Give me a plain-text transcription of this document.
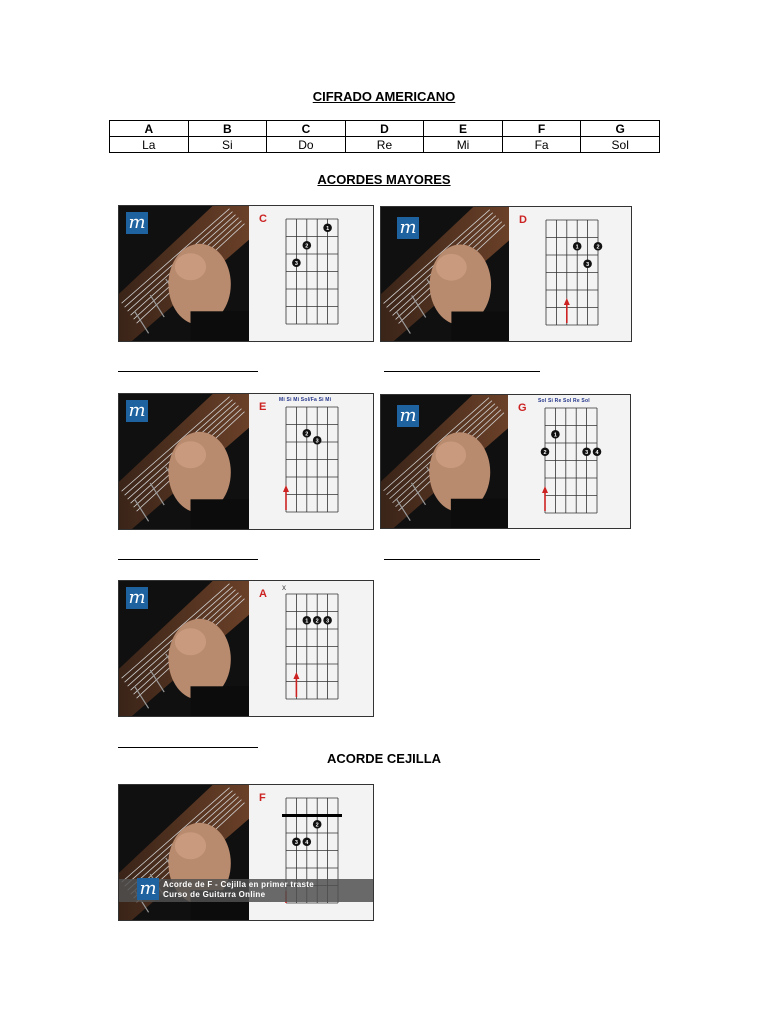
CIFRADO AMERICANO
A	B	C	D	E	F	G
La	Si	Do	Re	Mi	Fa	Sol
ACORDES MAYORES
m	C
1
2
3
m	D
1	2
3
m	E
Mi Si Mi Sol/Fa Si Mi
2
3
m	G
Sol Si Re Sol Re Sol
1
2	3 4
m	A
x
1 2 3
F
2
3 4
Acorde de F - Cejilla en primer traste
Curso de Guitarra Online
m
ACORDE CEJILLA
